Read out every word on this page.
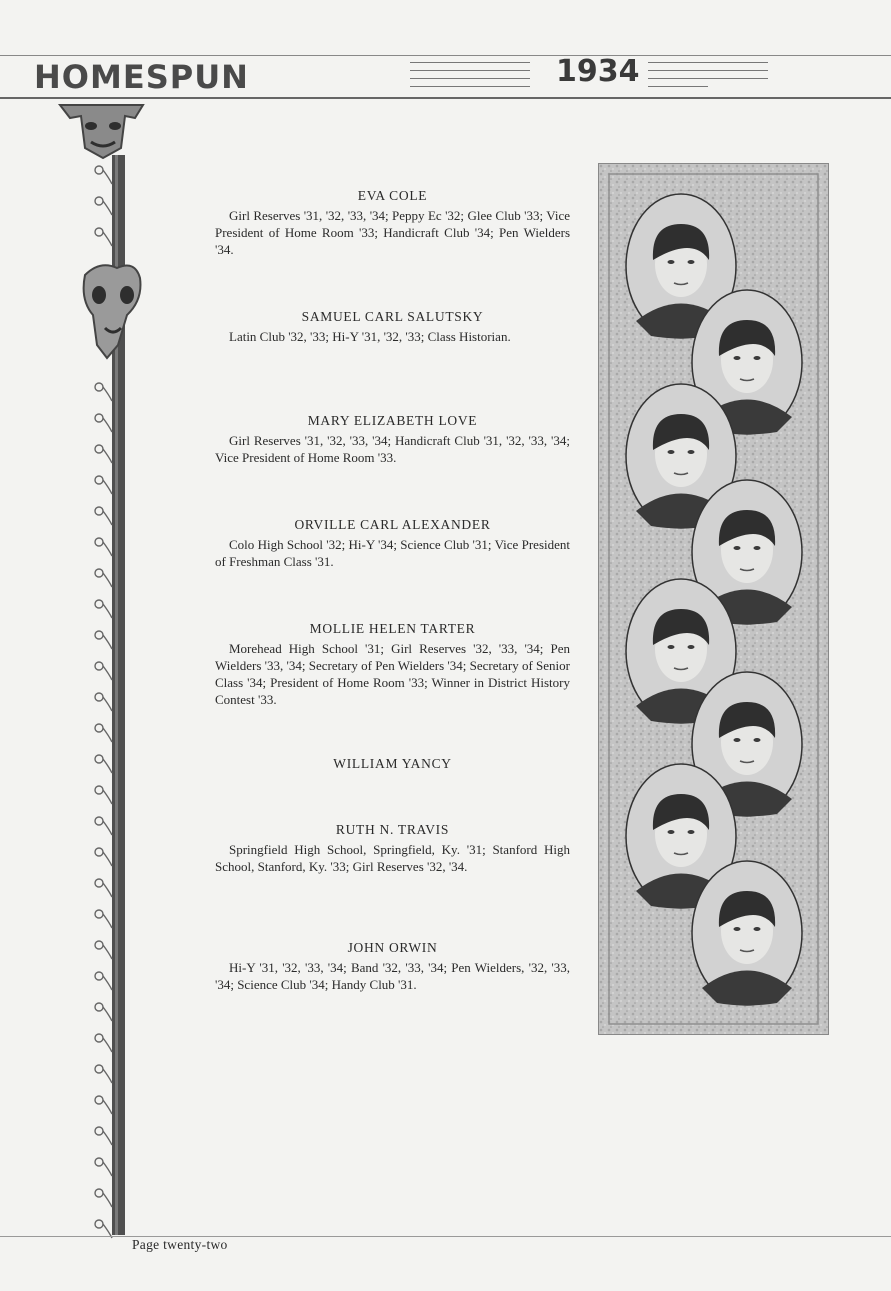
HOMESPUN	1934
EVA COLE
Girl Reserves '31, '32, '33, '34; Peppy Ec '32; Glee Club '33; Vice President of Home Room '33; Handicraft Club '34; Pen Wielders '34.
SAMUEL CARL SALUTSKY
Latin Club '32, '33; Hi-Y '31, '32, '33; Class Historian.
MARY ELIZABETH LOVE
Girl Reserves '31, '32, '33, '34; Handicraft Club '31, '32, '33, '34; Vice President of Home Room '33.
ORVILLE CARL ALEXANDER
Colo High School '32; Hi-Y '34; Science Club '31; Vice President of Freshman Class '31.
MOLLIE HELEN TARTER
Morehead High School '31; Girl Reserves '32, '33, '34; Pen Wielders '33, '34; Secretary of Pen Wielders '34; Secretary of Senior Class '34; President of Home Room '33; Winner in District History Contest '33.
WILLIAM YANCY
RUTH N. TRAVIS
Springfield High School, Springfield, Ky. '31; Stanford High School, Stanford, Ky. '33; Girl Reserves '32, '34.
JOHN ORWIN
Hi-Y '31, '32, '33, '34; Band '32, '33, '34; Pen Wielders, '32, '33, '34; Science Club '34; Handy Club '31.
Page twenty-two
